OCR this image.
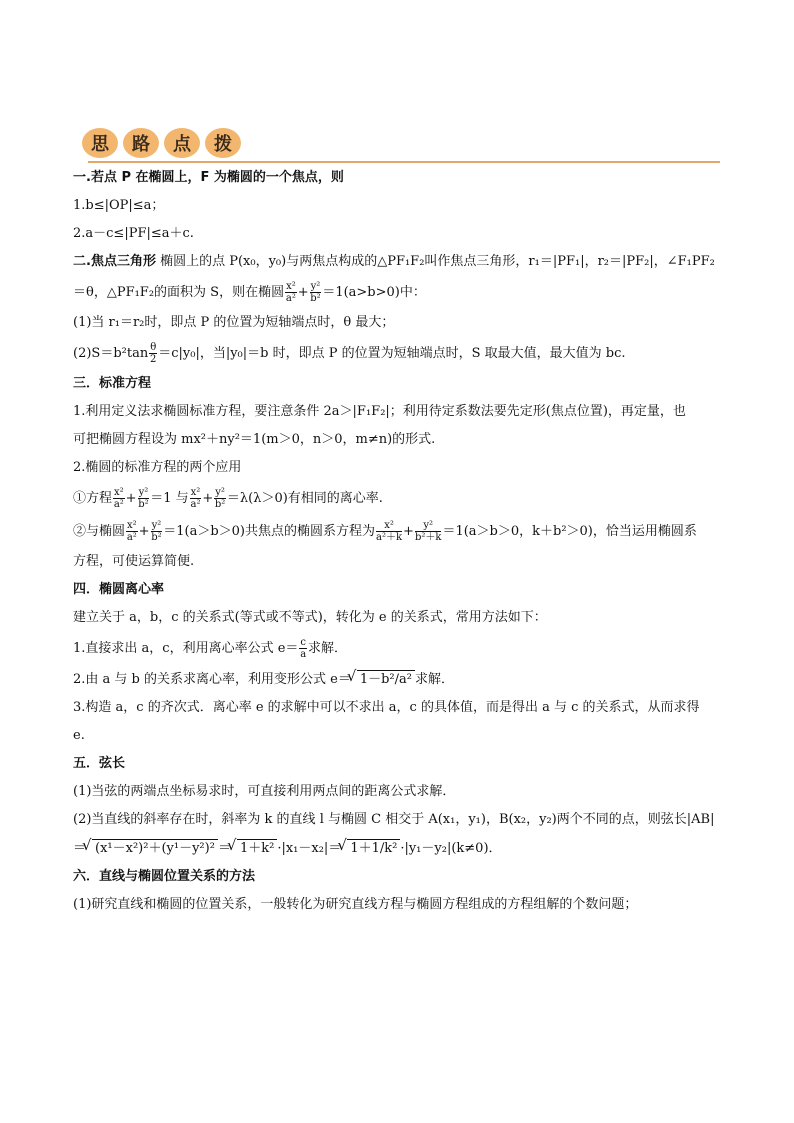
思	路	点	拨
一.若点 P 在椭圆上，F 为椭圆的一个焦点，则
1.b≤|OP|≤a；
2.a－c≤|PF|≤a＋c.
二.焦点三角形 椭圆上的点 P(x₀，y₀)与两焦点构成的△PF₁F₂叫作焦点三角形，r₁＝|PF₁|，r₂＝|PF₂|，∠F₁PF₂
＝θ，△PF₁F₂的面积为 S，则在椭圆 $\frac{\text{x²}}{\text{a²}} + \frac{\text{y²}}{\text{b²}} =1(a>b>0)$中：
(1)当 r₁＝r₂时，即点 P 的位置为短轴端点时，θ 最大；
$(2)S=b^2\tan \frac{\theta}{2} =c|y_0|$，当|y₀|＝b 时，即点 P 的位置为短轴端点时，S 取最大值，最大值为 bc.
三．标准方程
1.利用定义法求椭圆标准方程，要注意条件 2a＞|F₁F₂|；利用待定系数法要先定形(焦点位置)，再定量，也
可把椭圆方程设为 mx²＋ny²＝1(m＞0，n＞0，m≠n)的形式.
2.椭圆的标准方程的两个应用
①方程 $\frac{\text{x²}}{\text{a²}} + \frac{\text{y²}}{\text{b²}} =1$ 与 $\frac{\text{x²}}{\text{a²}} + \frac{\text{y²}}{\text{b²}} =\lambda(\lambda>0)$有相同的离心率.
②与椭圆 $\frac{\text{x²}}{\text{a²}} + \frac{\text{y²}}{\text{b²}} =1(a>b>0)$共焦点的椭圆系方程为 $\frac{\text{x²}}{\text{a²＋k}} + \frac{\text{y²}}{\text{b²＋k}} =1(a>b>0$，k＋b²＞0)，恰当运用椭圆系
方程，可使运算简便.
四．椭圆离心率
建立关于 a，b，c 的关系式(等式或不等式)，转化为 e 的关系式，常用方法如下：
1.直接求出 a，c，利用离心率公式 $e= \frac{c}{a}$ 求解．
2.由 a 与 b 的关系求离心率，利用变形公式 e＝ √ 1－b²/a² 求解．
3.构造 a，c 的齐次式．离心率 e 的求解中可以不求出 a，c 的具体值，而是得出 a 与 c 的关系式，从而求得
e.
五．弦长
(1)当弦的两端点坐标易求时，可直接利用两点间的距离公式求解．
(2)当直线的斜率存在时，斜率为 k 的直线 l 与椭圆 C 相交于 A(x₁，y₁)，B(x₂，y₂)两个不同的点，则弦长|AB|
＝ √ (x¹－x²)²＋(y¹－y²)² ＝ √ 1＋k² ·|x₁－x₂|＝ √ 1＋1/k² ·|y₁－y₂|(k≠0)．
六．直线与椭圆位置关系的方法
(1)研究直线和椭圆的位置关系，一般转化为研究直线方程与椭圆方程组成的方程组解的个数问题；
